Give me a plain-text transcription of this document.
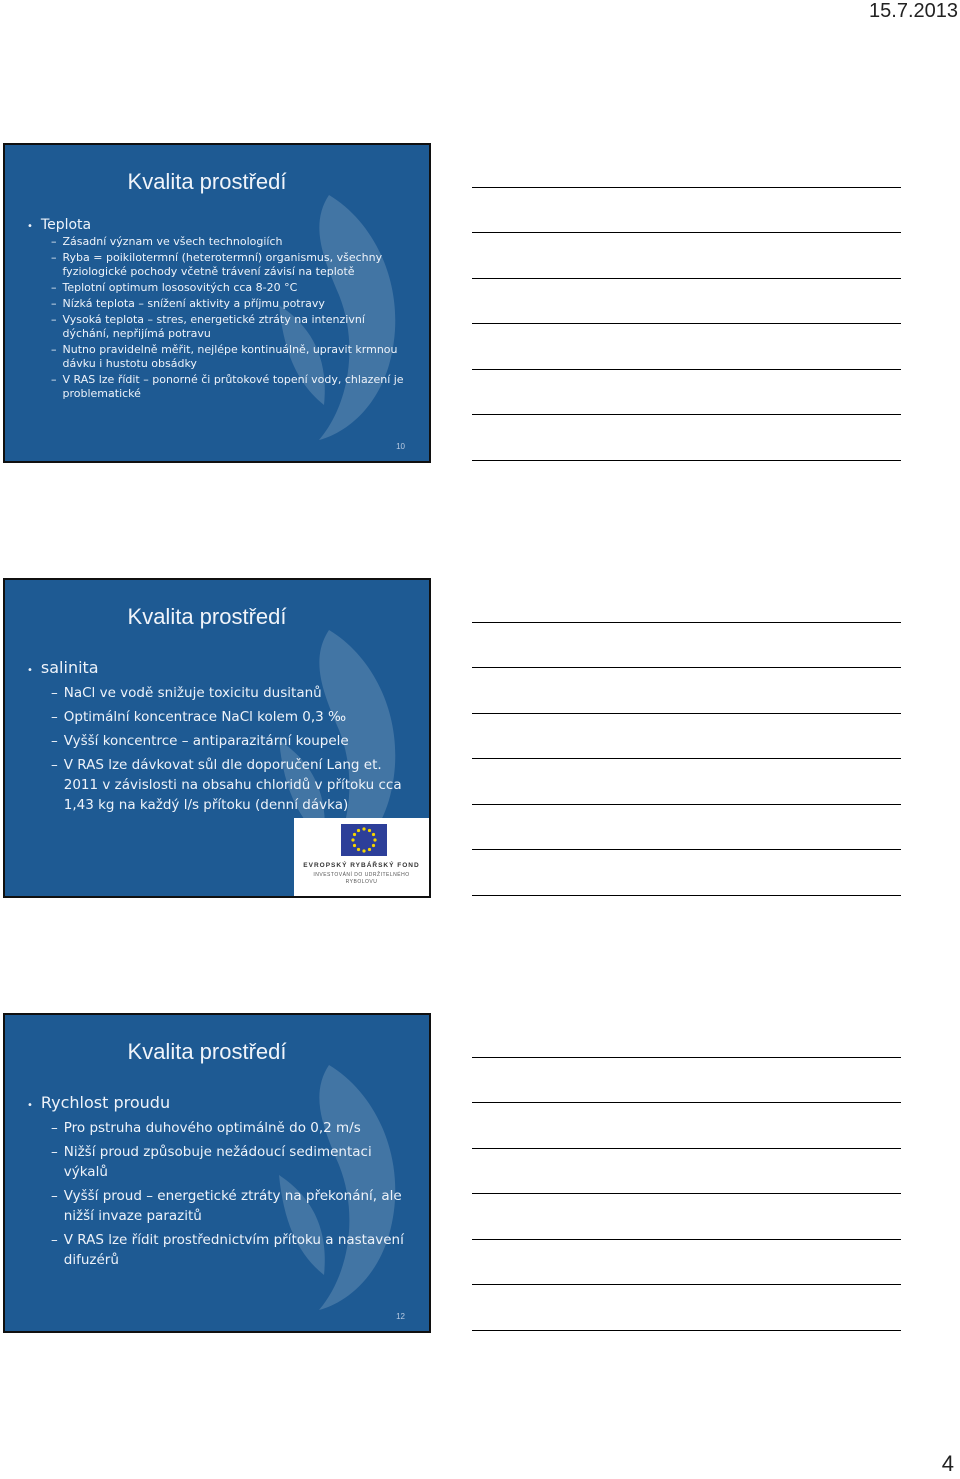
15.7.2013
Kvalita prostředí
• Teplota
– Zásadní význam ve všech technologiích
– Ryba = poikilotermní (heterotermní) organismus, všechny fyziologické pochody včetně trávení závisí na teplotě
– Teplotní optimum lososovitých cca 8-20 °C
– Nízká teplota – snížení aktivity a příjmu potravy
– Vysoká teplota – stres, energetické ztráty na intenzivní dýchání, nepřijímá potravu
– Nutno pravidelně měřit, nejlépe kontinuálně, upravit krmnou dávku i hustotu obsádky
– V RAS lze řídit – ponorné či průtokové topení vody, chlazení je problematické
10
Kvalita prostředí
• salinita
– NaCl ve vodě snižuje toxicitu dusitanů
– Optimální koncentrace NaCl kolem 0,3 ‰
– Vyšší koncentrce – antiparazitární koupele
– V RAS lze dávkovat sůl dle doporučení Lang et. 2011 v závislosti na obsahu chloridů v přítoku cca 1,43 kg na každý l/s přítoku (denní dávka)
EVROPSKÝ RYBÁŘSKÝ FOND
INVESTOVÁNÍ DO UDRŽITELNÉHO
RYBOLOVU
Kvalita prostředí
• Rychlost proudu
– Pro pstruha duhového optimálně do 0,2 m/s
– Nižší proud způsobuje nežádoucí sedimentaci výkalů
– Vyšší proud – energetické ztráty na překonání, ale nižší invaze parazitů
– V RAS lze řídit prostřednictvím přítoku a nastavení difuzérů
12
4
